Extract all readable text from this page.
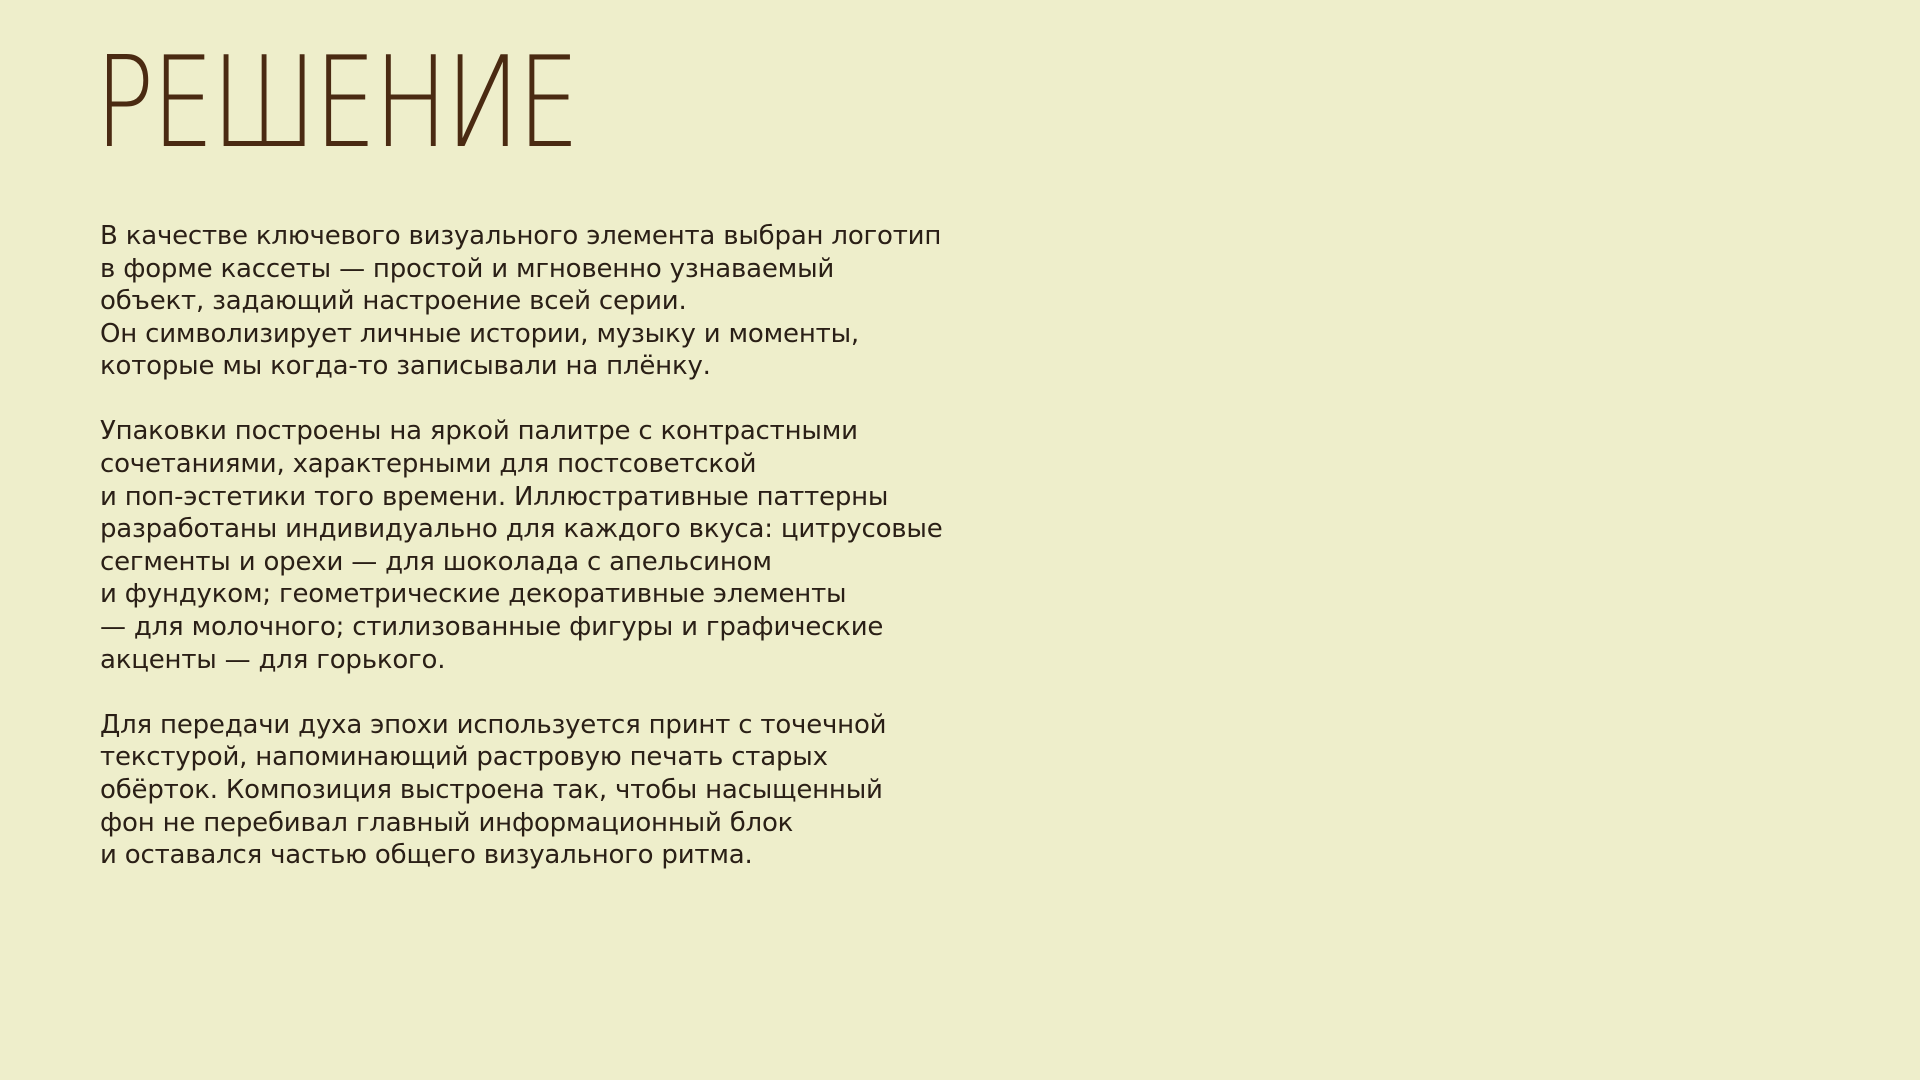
РЕШЕНИЕ

В качестве ключевого визуального элемента выбран логотип
в форме кассеты — простой и мгновенно узнаваемый
объект, задающий настроение всей серии.
Он символизирует личные истории, музыку и моменты,
которые мы когда-то записывали на плёнку.

Упаковки построены на яркой палитре с контрастными
сочетаниями, характерными для постсоветской
и поп-эстетики того времени. Иллюстративные паттерны
разработаны индивидуально для каждого вкуса: цитрусовые
сегменты и орехи — для шоколада с апельсином
и фундуком; геометрические декоративные элементы
— для молочного; стилизованные фигуры и графические
акценты — для горького.

Для передачи духа эпохи используется принт с точечной
текстурой, напоминающий растровую печать старых
обёрток. Композиция выстроена так, чтобы насыщенный
фон не перебивал главный информационный блок
и оставался частью общего визуального ритма.
